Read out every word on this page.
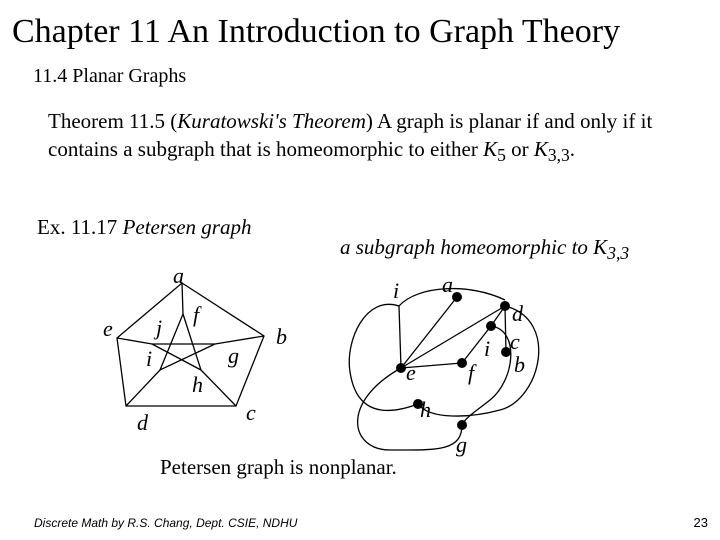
Chapter 11 An Introduction to Graph Theory
11.4 Planar Graphs
Theorem 11.5 (Kuratowski's Theorem) A graph is planar if and only if it contains a subgraph that is homeomorphic to either $K_5$ or $K_{3,3}$.
Ex. 11.17 Petersen graph
a subgraph homeomorphic to $K_{3,3}$
a
b
c
d
e
f
g
h
i
j
i a
d
i c
b
e f
h
g
Petersen graph is nonplanar.
Discrete Math by R.S. Chang, Dept. CSIE, NDHU	23
